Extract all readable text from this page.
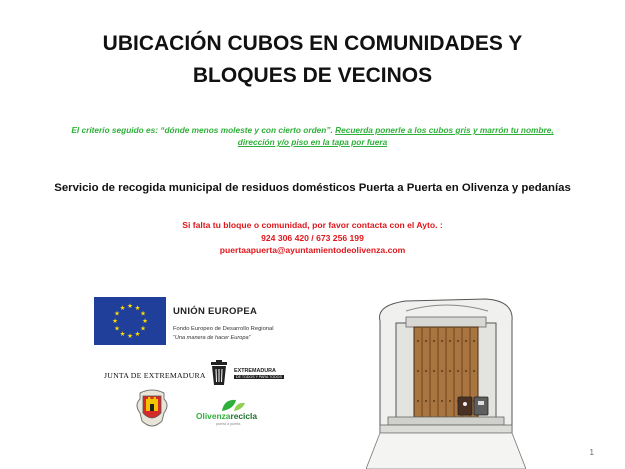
UBICACIÓN CUBOS EN COMUNIDADES Y
BLOQUES DE VECINOS
El criterio seguido es: “dónde menos moleste y con cierto orden”. Recuerda ponerle a los cubos gris y marrón tu nombre,
dirección y/o piso en la tapa por fuera
Servicio de recogida municipal de residuos domésticos Puerta a Puerta en Olivenza y pedanías
Si falta tu bloque o comunidad, por favor contacta con el Ayto. :
924 306 420 / 673 256 199
puertaapuerta@ayuntamientodeolivenza.com
★ ★
★
★
★
★
★
★
★
★
★
★	UNIÓN EUROPEA
Fondo Europeo de Desarrollo Regional
“Una manera de hacer Europa”
JUNTA DE EXTREMADURA	EXTREMADURA
DE TODOS Y PARA TODOS
Olivenzarecicla
puerta a puerta
1
